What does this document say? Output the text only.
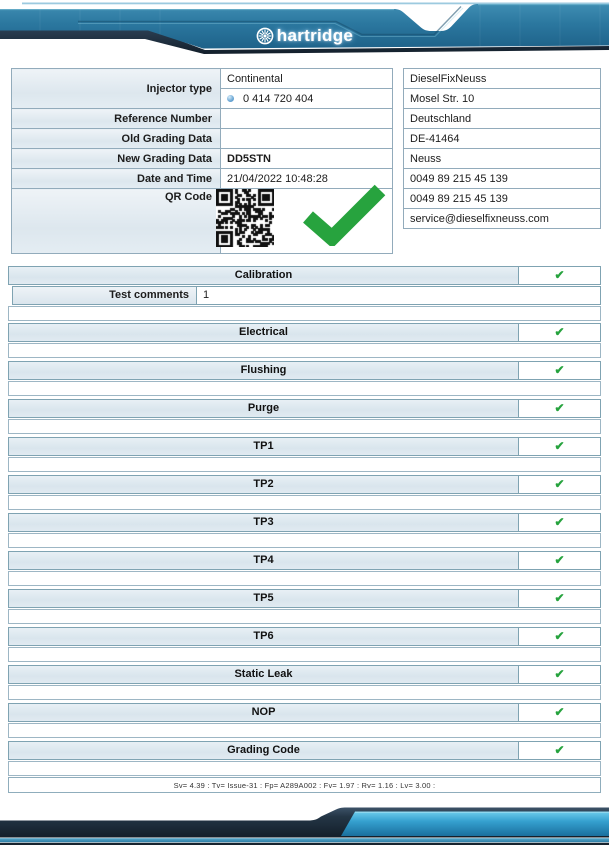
hartridge
Injector type	Continental
	0 414 720 404
Reference Number	
Old Grading Data	
New Grading Data	DD5STN
Date and Time	21/04/2022 10:48:28
QR Code	
DieselFixNeuss
Mosel Str. 10
Deutschland
DE-41464
Neuss
0049 89 215 45 139
0049 89 215 45 139
service@dieselfixneuss.com
Calibration	✔
Test comments	1
Electrical	✔
Flushing	✔
Purge	✔
TP1	✔
TP2	✔
TP3	✔
TP4	✔
TP5	✔
TP6	✔
Static Leak	✔
NOP	✔
Grading Code	✔
Sv= 4.39 : Tv= Issue-31 : Fp= A289A002 : Fv= 1.97 : Rv= 1.16 : Lv= 3.00 :
